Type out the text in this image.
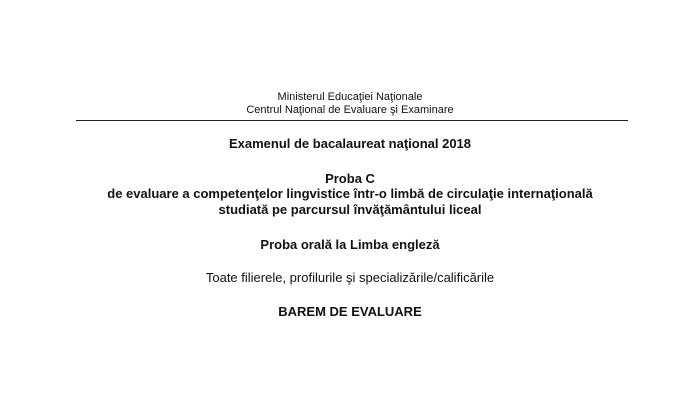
Ministerul Educaţiei Naţionale
Centrul Naţional de Evaluare şi Examinare
Examenul de bacalaureat naţional 2018
Proba C
de evaluare a competenţelor lingvistice într-o limbă de circulaţie internaţională
studiată pe parcursul învăţământului liceal
Proba orală la Limba engleză
Toate filierele, profilurile şi specializările/calificările
BAREM DE EVALUARE
